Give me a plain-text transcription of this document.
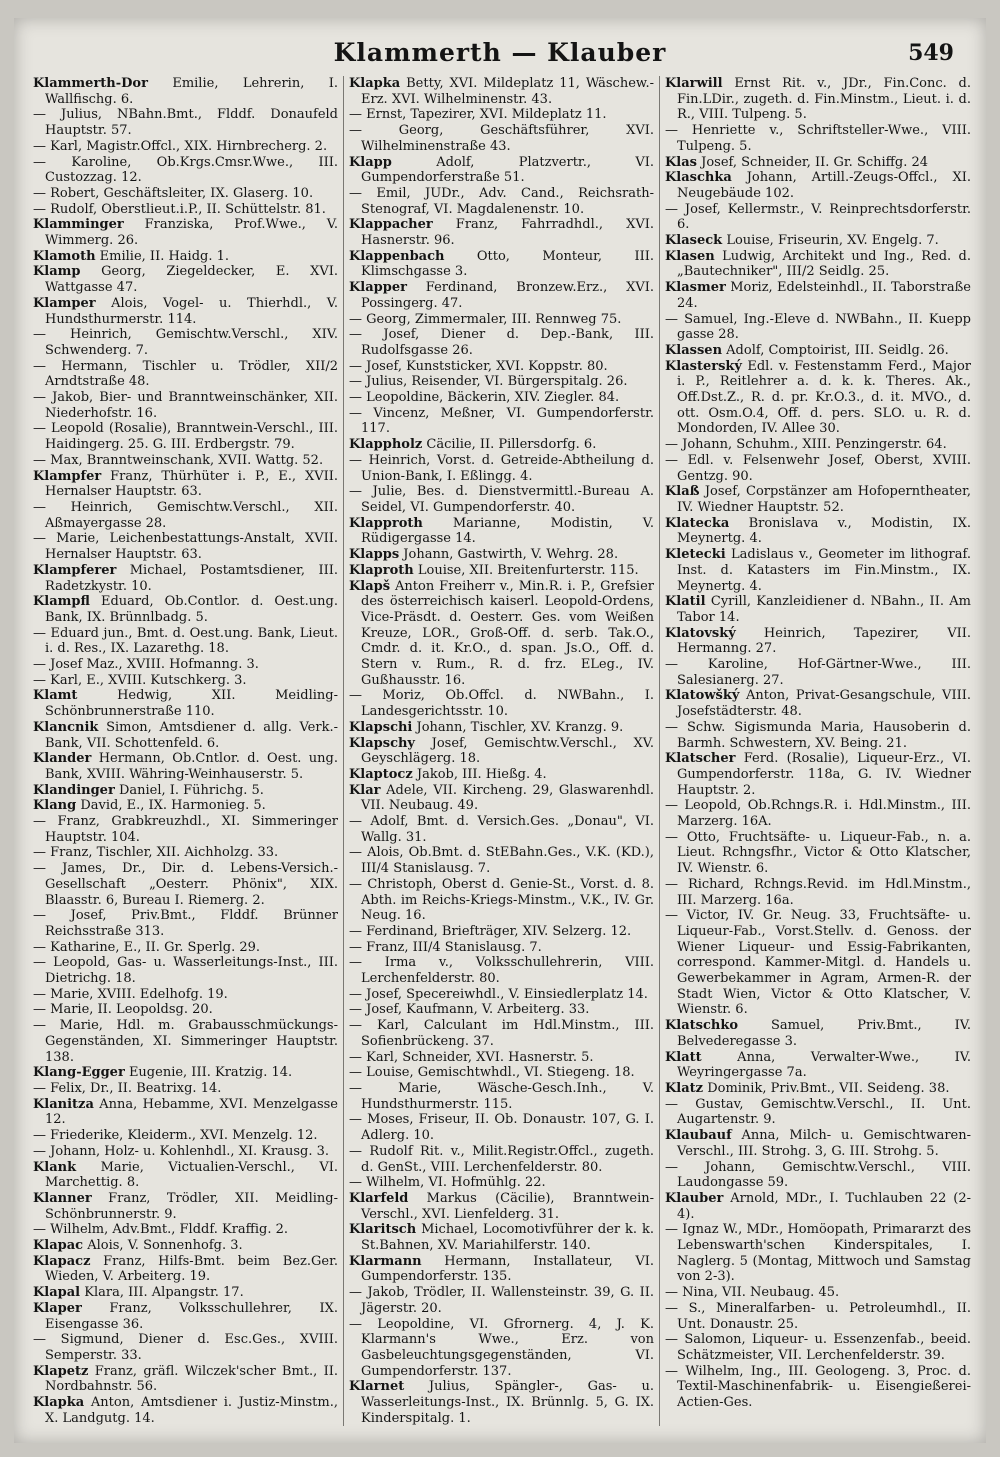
Klammerth — Klauber	549
Klammerth-Dor Emilie, Lehrerin, I. Wallfischg. 6.
— Julius, NBahn.Bmt., Flddf. Donaufeld Hauptstr. 57.
— Karl, Magistr.Offcl., XIX. Hirnbrecherg. 2.
— Karoline, Ob.Krgs.Cmsr.Wwe., III. Custozzag. 12.
— Robert, Geschäftsleiter, IX. Glaserg. 10.
— Rudolf, Oberstlieut.i.P., II. Schüttelstr. 81.
Klamminger Franziska, Prof.Wwe., V. Wimmerg. 26.
Klamoth Emilie, II. Haidg. 1.
Klamp Georg, Ziegeldecker, E. XVI. Wattgasse 47.
Klamper Alois, Vogel- u. Thierhdl., V. Hundsthurmerstr. 114.
— Heinrich, Gemischtw.Verschl., XIV. Schwenderg. 7.
— Hermann, Tischler u. Trödler, XII/2 Arndtstraße 48.
— Jakob, Bier- und Branntweinschänker, XII. Niederhofstr. 16.
— Leopold (Rosalie), Branntwein-Verschl., III. Haidingerg. 25. G. III. Erdbergstr. 79.
— Max, Branntweinschank, XVII. Wattg. 52.
Klampfer Franz, Thürhüter i. P., E., XVII. Hernalser Hauptstr. 63.
— Heinrich, Gemischtw.Verschl., XII. Aßmayergasse 28.
— Marie, Leichenbestattungs-Anstalt, XVII. Hernalser Hauptstr. 63.
Klampferer Michael, Postamtsdiener, III. Radetzkystr. 10.
Klampfl Eduard, Ob.Contlor. d. Oest.ung. Bank, IX. Brünnlbadg. 5.
— Eduard jun., Bmt. d. Oest.ung. Bank, Lieut. i. d. Res., IX. Lazarethg. 18.
— Josef Maz., XVIII. Hofmanng. 3.
— Karl, E., XVIII. Kutschkerg. 3.
Klamt Hedwig, XII. Meidling-Schönbrunnerstraße 110.
Klancnik Simon, Amtsdiener d. allg. Verk.-Bank, VII. Schottenfeld. 6.
Klander Hermann, Ob.Cntlor. d. Oest. ung. Bank, XVIII. Währing-Weinhauserstr. 5.
Klandinger Daniel, I. Führichg. 5.
Klang David, E., IX. Harmonieg. 5.
— Franz, Grabkreuzhdl., XI. Simmeringer Hauptstr. 104.
— Franz, Tischler, XII. Aichholzg. 33.
— James, Dr., Dir. d. Lebens-Versich.-Gesellschaft „Oesterr. Phönix", XIX. Blaasstr. 6, Bureau I. Riemerg. 2.
— Josef, Priv.Bmt., Flddf. Brünner Reichsstraße 313.
— Katharine, E., II. Gr. Sperlg. 29.
— Leopold, Gas- u. Wasserleitungs-Inst., III. Dietrichg. 18.
— Marie, XVIII. Edelhofg. 19.
— Marie, II. Leopoldsg. 20.
— Marie, Hdl. m. Grabausschmückungs-Gegenständen, XI. Simmeringer Hauptstr. 138.
Klang-Egger Eugenie, III. Kratzig. 14.
— Felix, Dr., II. Beatrixg. 14.
Klanitza Anna, Hebamme, XVI. Menzelgasse 12.
— Friederike, Kleiderm., XVI. Menzelg. 12.
— Johann, Holz- u. Kohlenhdl., XI. Krausg. 3.
Klank Marie, Victualien-Verschl., VI. Marchettig. 8.
Klanner Franz, Trödler, XII. Meidling-Schönbrunnerstr. 9.
— Wilhelm, Adv.Bmt., Flddf. Kraffig. 2.
Klapac Alois, V. Sonnenhofg. 3.
Klapacz Franz, Hilfs-Bmt. beim Bez.Ger. Wieden, V. Arbeiterg. 19.
Klapal Klara, III. Alpangstr. 17.
Klaper Franz, Volksschullehrer, IX. Eisengasse 36.
— Sigmund, Diener d. Esc.Ges., XVIII. Semperstr. 33.
Klapetz Franz, gräfl. Wilczek'scher Bmt., II. Nordbahnstr. 56.
Klapka Anton, Amtsdiener i. Justiz-Minstm., X. Landgutg. 14.
Klapka Betty, XVI. Mildeplatz 11, Wäschew.-Erz. XVI. Wilhelminenstr. 43.
— Ernst, Tapezirer, XVI. Mildeplatz 11.
— Georg, Geschäftsführer, XVI. Wilhelminenstraße 43.
Klapp Adolf, Platzvertr., VI. Gumpendorferstraße 51.
— Emil, JUDr., Adv. Cand., Reichsrath-Stenograf, VI. Magdalenenstr. 10.
Klappacher Franz, Fahrradhdl., XVI. Hasnerstr. 96.
Klappenbach Otto, Monteur, III. Klimschgasse 3.
Klapper Ferdinand, Bronzew.Erz., XVI. Possingerg. 47.
— Georg, Zimmermaler, III. Rennweg 75.
— Josef, Diener d. Dep.-Bank, III. Rudolfsgasse 26.
— Josef, Kunststicker, XVI. Koppstr. 80.
— Julius, Reisender, VI. Bürgerspitalg. 26.
— Leopoldine, Bäckerin, XIV. Ziegler. 84.
— Vincenz, Meßner, VI. Gumpendorferstr. 117.
Klappholz Cäcilie, II. Pillersdorfg. 6.
— Heinrich, Vorst. d. Getreide-Abtheilung d. Union-Bank, I. Eßlingg. 4.
— Julie, Bes. d. Dienstvermittl.-Bureau A. Seidel, VI. Gumpendorferstr. 40.
Klapproth Marianne, Modistin, V. Rüdigergasse 14.
Klapps Johann, Gastwirth, V. Wehrg. 28.
Klaproth Louise, XII. Breitenfurterstr. 115.
Klapš Anton Freiherr v., Min.R. i. P., Grefsier des österreichisch kaiserl. Leopold-Ordens, Vice-Präsdt. d. Oesterr. Ges. vom Weißen Kreuze, LOR., Groß-Off. d. serb. Tak.O., Cmdr. d. it. Kr.O., d. span. Js.O., Off. d. Stern v. Rum., R. d. frz. ELeg., IV. Gußhausstr. 16.
— Moriz, Ob.Offcl. d. NWBahn., I. Landesgerichtsstr. 10.
Klapschi Johann, Tischler, XV. Kranzg. 9.
Klapschy Josef, Gemischtw.Verschl., XV. Geyschlägerg. 18.
Klaptocz Jakob, III. Hießg. 4.
Klar Adele, VII. Kircheng. 29, Glaswarenhdl. VII. Neubaug. 49.
— Adolf, Bmt. d. Versich.Ges. „Donau", VI. Wallg. 31.
— Alois, Ob.Bmt. d. StEBahn.Ges., V.K. (KD.), III/4 Stanislausg. 7.
— Christoph, Oberst d. Genie-St., Vorst. d. 8. Abth. im Reichs-Kriegs-Minstm., V.K., IV. Gr. Neug. 16.
— Ferdinand, Briefträger, XIV. Selzerg. 12.
— Franz, III/4 Stanislausg. 7.
— Irma v., Volksschullehrerin, VIII. Lerchenfelderstr. 80.
— Josef, Specereiwhdl., V. Einsiedlerplatz 14.
— Josef, Kaufmann, V. Arbeiterg. 33.
— Karl, Calculant im Hdl.Minstm., III. Sofienbrückeng. 37.
— Karl, Schneider, XVI. Hasnerstr. 5.
— Louise, Gemischtwhdl., VI. Stiegeng. 18.
— Marie, Wäsche-Gesch.Inh., V. Hundsthurmerstr. 115.
— Moses, Friseur, II. Ob. Donaustr. 107, G. I. Adlerg. 10.
— Rudolf Rit. v., Milit.Registr.Offcl., zugeth. d. GenSt., VIII. Lerchenfelderstr. 80.
— Wilhelm, VI. Hofmühlg. 22.
Klarfeld Markus (Cäcilie), Branntwein-Verschl., XVI. Lienfelderg. 31.
Klaritsch Michael, Locomotivführer der k. k. St.Bahnen, XV. Mariahilferstr. 140.
Klarmann Hermann, Installateur, VI. Gumpendorferstr. 135.
— Jakob, Trödler, II. Wallensteinstr. 39, G. II. Jägerstr. 20.
— Leopoldine, VI. Gfrornerg. 4, J. K. Klarmann's Wwe., Erz. von Gasbeleuchtungsgegenständen, VI. Gumpendorferstr. 137.
Klarnet Julius, Spängler-, Gas- u. Wasserleitungs-Inst., IX. Brünnlg. 5, G. IX. Kinderspitalg. 1.
Klarwill Ernst Rit. v., JDr., Fin.Conc. d. Fin.LDir., zugeth. d. Fin.Minstm., Lieut. i. d. R., VIII. Tulpeng. 5.
— Henriette v., Schriftsteller-Wwe., VIII. Tulpeng. 5.
Klas Josef, Schneider, II. Gr. Schiffg. 24
Klaschka Johann, Artill.-Zeugs-Offcl., XI. Neugebäude 102.
— Josef, Kellermstr., V. Reinprechtsdorferstr. 6.
Klaseck Louise, Friseurin, XV. Engelg. 7.
Klasen Ludwig, Architekt und Ing., Red. d. „Bautechniker", III/2 Seidlg. 25.
Klasmer Moriz, Edelsteinhdl., II. Taborstraße 24.
— Samuel, Ing.-Eleve d. NWBahn., II. Kuepp gasse 28.
Klassen Adolf, Comptoirist, III. Seidlg. 26.
Klasterský Edl. v. Festenstamm Ferd., Major i. P., Reitlehrer a. d. k. k. Theres. Ak., Off.Dst.Z., R. d. pr. Kr.O.3., d. it. MVO., d. ott. Osm.O.4, Off. d. pers. SLO. u. R. d. Mondorden, IV. Allee 30.
— Johann, Schuhm., XIII. Penzingerstr. 64.
— Edl. v. Felsenwehr Josef, Oberst, XVIII. Gentzg. 90.
Klaß Josef, Corpstänzer am Hofoperntheater, IV. Wiedner Hauptstr. 52.
Klatecka Bronislava v., Modistin, IX. Meynertg. 4.
Kletecki Ladislaus v., Geometer im lithograf. Inst. d. Katasters im Fin.Minstm., IX. Meynertg. 4.
Klatil Cyrill, Kanzleidiener d. NBahn., II. Am Tabor 14.
Klatovský Heinrich, Tapezirer, VII. Hermanng. 27.
— Karoline, Hof-Gärtner-Wwe., III. Salesianerg. 27.
Klatowšký Anton, Privat-Gesangschule, VIII. Josefstädterstr. 48.
— Schw. Sigismunda Maria, Hausoberin d. Barmh. Schwestern, XV. Being. 21.
Klatscher Ferd. (Rosalie), Liqueur-Erz., VI. Gumpendorferstr. 118a, G. IV. Wiedner Hauptstr. 2.
— Leopold, Ob.Rchngs.R. i. Hdl.Minstm., III. Marzerg. 16A.
— Otto, Fruchtsäfte- u. Liqueur-Fab., n. a. Lieut. Rchngsfhr., Victor & Otto Klatscher, IV. Wienstr. 6.
— Richard, Rchngs.Revid. im Hdl.Minstm., III. Marzerg. 16a.
— Victor, IV. Gr. Neug. 33, Fruchtsäfte- u. Liqueur-Fab., Vorst.Stellv. d. Genoss. der Wiener Liqueur- und Essig-Fabrikanten, correspond. Kammer-Mitgl. d. Handels u. Gewerbekammer in Agram, Armen-R. der Stadt Wien, Victor & Otto Klatscher, V. Wienstr. 6.
Klatschko Samuel, Priv.Bmt., IV. Belvederegasse 3.
Klatt Anna, Verwalter-Wwe., IV. Weyringergasse 7a.
Klatz Dominik, Priv.Bmt., VII. Seideng. 38.
— Gustav, Gemischtw.Verschl., II. Unt. Augartenstr. 9.
Klaubauf Anna, Milch- u. Gemischtwaren-Verschl., III. Strohg. 3, G. III. Strohg. 5.
— Johann, Gemischtw.Verschl., VIII. Laudongasse 59.
Klauber Arnold, MDr., I. Tuchlauben 22 (2-4).
— Ignaz W., MDr., Homöopath, Primararzt des Lebenswarth'schen Kinderspitales, I. Naglerg. 5 (Montag, Mittwoch und Samstag von 2-3).
— Nina, VII. Neubaug. 45.
— S., Mineralfarben- u. Petroleumhdl., II. Unt. Donaustr. 25.
— Salomon, Liqueur- u. Essenzenfab., beeid. Schätzmeister, VII. Lerchenfelderstr. 39.
— Wilhelm, Ing., III. Geologeng. 3, Proc. d. Textil-Maschinenfabrik- u. Eisengießerei-Actien-Ges.
